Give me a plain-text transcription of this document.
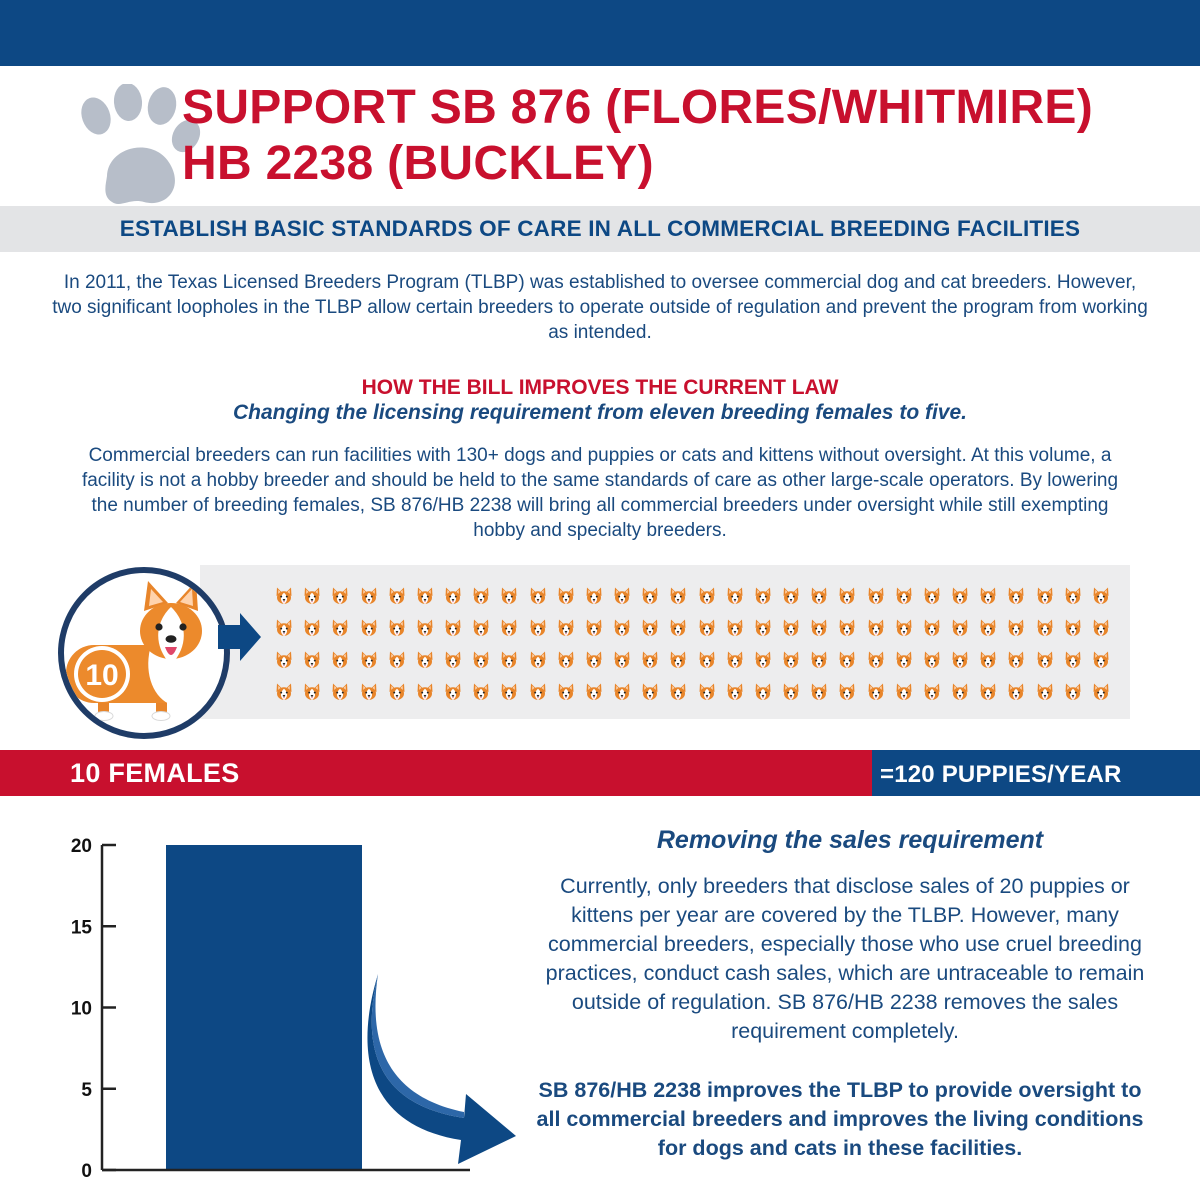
SUPPORT SB 876 (FLORES/WHITMIRE)
HB 2238 (BUCKLEY)
ESTABLISH BASIC STANDARDS OF CARE IN ALL COMMERCIAL BREEDING FACILITIES

In 2011, the Texas Licensed Breeders Program (TLBP) was established to oversee commercial dog and cat breeders. However, two significant loopholes in the TLBP allow certain breeders to operate outside of regulation and prevent the program from working as intended.

HOW THE BILL IMPROVES THE CURRENT LAW

Changing the licensing requirement from eleven breeding females to five.

Commercial breeders can run facilities with 130+ dogs and puppies or cats and kittens without oversight. At this volume, a facility is not a hobby breeder and should be held to the same standards of care as other large-scale operators. By lowering the number of breeding females, SB 876/HB 2238 will bring all commercial breeders under oversight while still exempting hobby and specialty breeders.

10

10 FEMALES	=120 PUPPIES/YEAR

0
5
10
15
20	Removing the sales requirement

Currently, only breeders that disclose sales of 20 puppies or kittens per year are covered by the TLBP. However, many commercial breeders, especially those who use cruel breeding practices, conduct cash sales, which are untraceable to remain outside of regulation. SB 876/HB 2238 removes the sales requirement completely.

SB 876/HB 2238 improves the TLBP to provide oversight to all commercial breeders and improves the living conditions for dogs and cats in these facilities.
